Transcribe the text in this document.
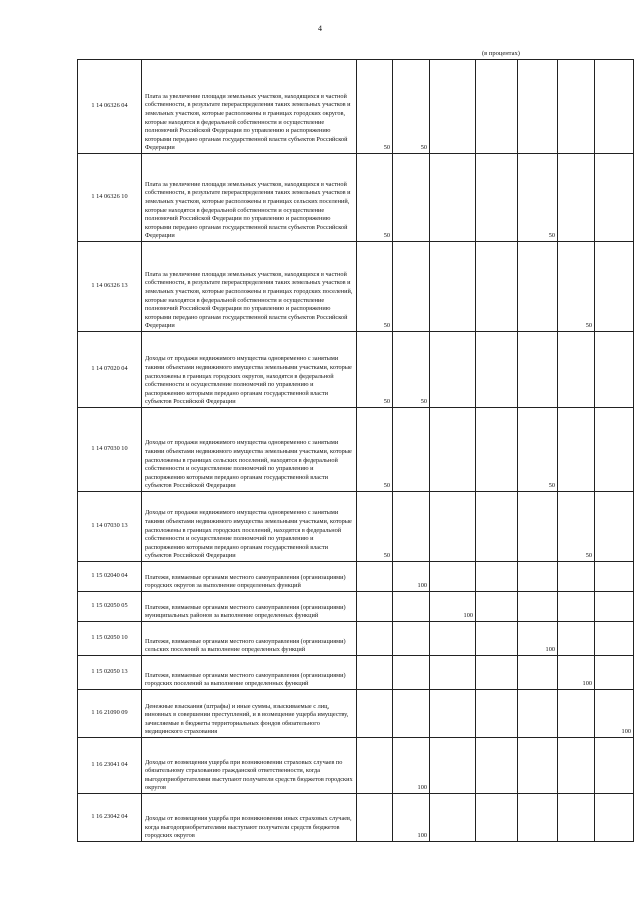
4
(в процентах)
1 14 06326 04	Плата за увеличение площади земельных участков, находящихся в частной собственности, в результате перераспределения таких земельных участков и земельных участков, которые расположены в границах городских округов, которые находятся в федеральной собственности и осуществление полномочий Российской Федерации по управлению и распоряжению которыми передано органам государственной власти субъектов Российской Федерации	50	50					
1 14 06326 10	Плата за увеличение площади земельных участков, находящихся в частной собственности, в результате перераспределения таких земельных участков и земельных участков, которые расположены в границах сельских поселений, которые находятся в федеральной собственности и осуществление полномочий Российской Федерации по управлению и распоряжению которыми передано органам государственной власти субъектов Российской Федерации	50				50		
1 14 06326 13	Плата за увеличение площади земельных участков, находящихся в частной собственности, в результате перераспределения таких земельных участков и земельных участков, которые расположены в границах городских поселений, которые находятся в федеральной собственности и осуществление полномочий Российской Федерации по управлению и распоряжению которыми передано органам государственной власти субъектов Российской Федерации	50					50	
1 14 07020 04	Доходы от продажи недвижимого имущества одновременно с занятыми такими объектами недвижимого имущества земельными участками, которые расположены в границах городских округов, находятся в федеральной собственности и осуществление полномочий по управлению и распоряжению которыми передано органам государственной власти субъектов Российской Федерации	50	50					
1 14 07030 10	Доходы от продажи недвижимого имущества одновременно с занятыми такими объектами недвижимого имущества земельными участками, которые расположены в границах сельских поселений, находятся в федеральной собственности и осуществление полномочий по управлению и распоряжению которыми передано органам государственной власти субъектов Российской Федерации	50				50		
1 14 07030 13	Доходы от продажи недвижимого имущества одновременно с занятыми такими объектами недвижимого имущества земельными участками, которые расположены в границах городских поселений, находятся в федеральной собственности и осуществление полномочий по управлению и распоряжению которыми передано органам государственной власти субъектов Российской Федерации	50					50	
1 15 02040 04	Платежи, взимаемые органами местного самоуправления (организациями) городских округов за выполнение определенных функций		100					
1 15 02050 05	Платежи, взимаемые органами местного самоуправления (организациями) муниципальных районов за выполнение определенных функций			100				
1 15 02050 10	Платежи, взимаемые органами местного самоуправления (организациями) сельских поселений за выполнение определенных функций					100		
1 15 02050 13	Платежи, взимаемые органами местного самоуправления (организациями) городских поселений за выполнение определенных функций						100	
1 16 21090 09	Денежные взыскания (штрафы) и иные суммы, взыскиваемые с лиц, виновных в совершении преступлений, и в возмещение ущерба имуществу, зачисляемые в бюджеты территориальных фондов обязательного медицинского страхования							100
1 16 23041 04	Доходы от возмещения ущерба при возникновении страховых случаев по обязательному страхованию гражданской ответственности, когда выгодоприобретателями выступают получатели средств бюджетов городских округов		100					
1 16 23042 04	Доходы от возмещения ущерба при возникновении иных страховых случаев, когда выгодоприобретателями выступают получатели средств бюджетов городских округов		100					
